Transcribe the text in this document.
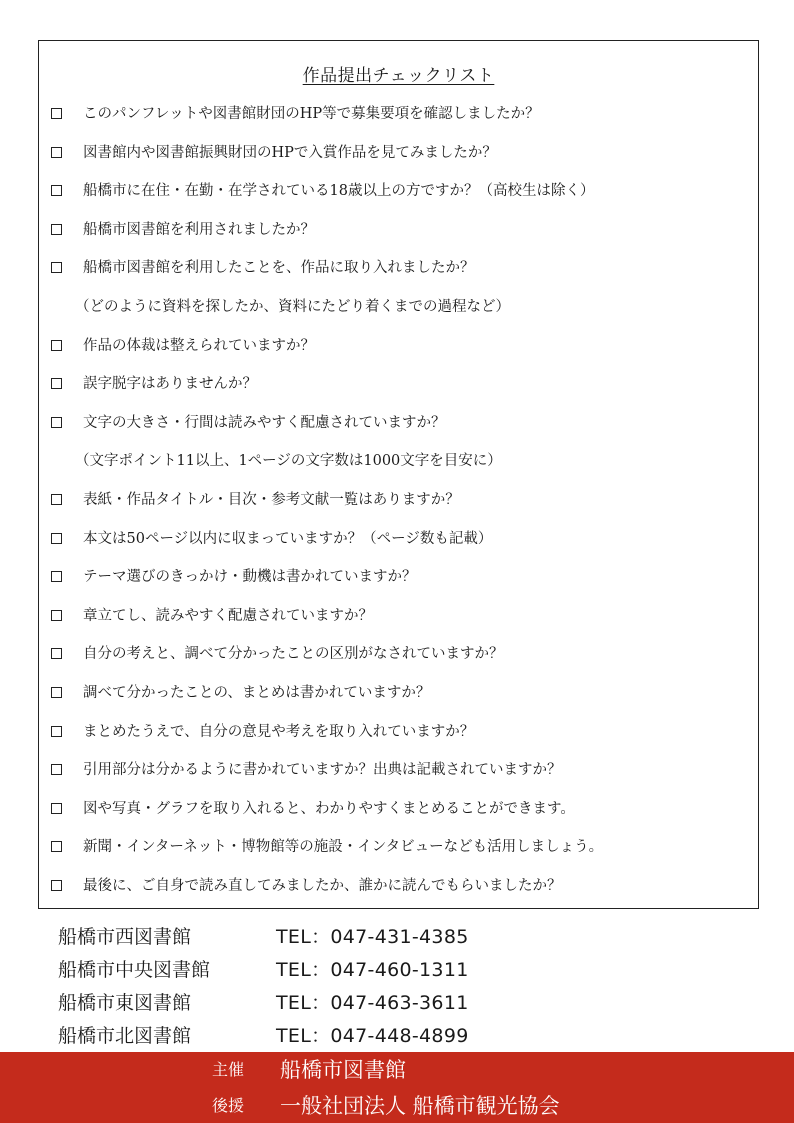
作品提出チェックリスト
このパンフレットや図書館財団のHP等で募集要項を確認しましたか？
図書館内や図書館振興財団のHPで入賞作品を見てみましたか？
船橋市に在住・在勤・在学されている18歳以上の方ですか？（高校生は除く）
船橋市図書館を利用されましたか？
船橋市図書館を利用したことを、作品に取り入れましたか？
（どのように資料を探したか、資料にたどり着くまでの過程など）
作品の体裁は整えられていますか？
誤字脱字はありませんか？
文字の大きさ・行間は読みやすく配慮されていますか？
（文字ポイント11以上、1ページの文字数は1000文字を目安に）
表紙・作品タイトル・目次・参考文献一覧はありますか？
本文は50ページ以内に収まっていますか？（ページ数も記載）
テーマ選びのきっかけ・動機は書かれていますか？
章立てし、読みやすく配慮されていますか？
自分の考えと、調べて分かったことの区別がなされていますか？
調べて分かったことの、まとめは書かれていますか？
まとめたうえで、自分の意見や考えを取り入れていますか？
引用部分は分かるように書かれていますか？出典は記載されていますか？
図や写真・グラフを取り入れると、わかりやすくまとめることができます。
新聞・インターネット・博物館等の施設・インタビューなども活用しましょう。
最後に、ご自身で読み直してみましたか、誰かに読んでもらいましたか？
船橋市西図書館	TEL：047-431-4385
船橋市中央図書館	TEL：047-460-1311
船橋市東図書館	TEL：047-463-3611
船橋市北図書館	TEL：047-448-4899
主催 船橋市図書館
後援 一般社団法人 船橋市観光協会
